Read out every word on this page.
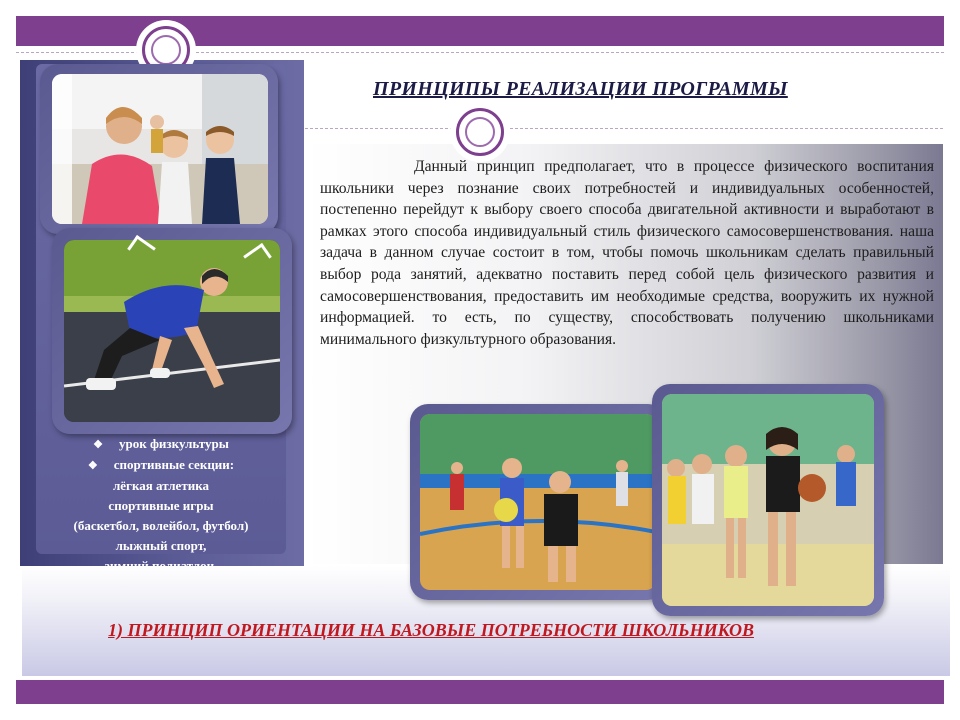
ПРИНЦИПЫ РЕАЛИЗАЦИИ ПРОГРАММЫ
Данный принцип предполагает, что в процессе физического воспитания школьники через познание своих потребностей и индивидуальных особенностей, постепенно перейдут к выбору своего способа двигательной активности и выработают в рамках этого способа индивидуальный стиль физического самосовершенствования. наша задача в данном случае состоит в том, чтобы помочь школьникам сделать правильный выбор рода занятий, адекватно поставить перед собой цель физического развития и самосовершенствования, предоставить им необходимые средства, вооружить их нужной информацией. то есть, по существу, способствовать получению школьниками минимального физкультурного образования.
❖ урок физкультуры
❖ спортивные секции:
лёгкая атлетика
спортивные игры
(баскетбол, волейбол, футбол)
лыжный спорт,
1) ПРИНЦИП ОРИЕНТАЦИИ НА БАЗОВЫЕ ПОТРЕБНОСТИ ШКОЛЬНИКОВ
